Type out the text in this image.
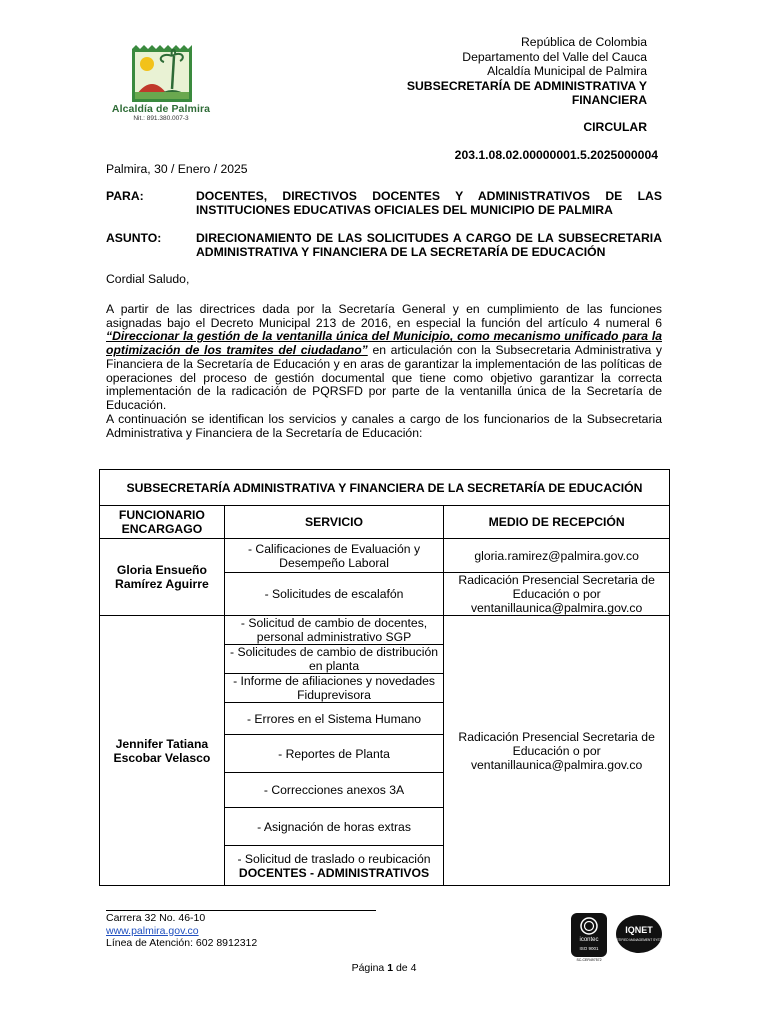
Alcaldía de Palmira
Nit.: 891.380.007-3
República de Colombia
Departamento del Valle del Cauca
Alcaldía Municipal de Palmira
SUBSECRETARÍA DE ADMINISTRATIVA Y
FINANCIERA
CIRCULAR
203.1.08.02.00000001.5.2025000004
Palmira, 30 / Enero / 2025
PARA:	DOCENTES, DIRECTIVOS DOCENTES Y ADMINISTRATIVOS DE LAS INSTITUCIONES EDUCATIVAS OFICIALES DEL MUNICIPIO DE PALMIRA
ASUNTO:	DIRECIONAMIENTO DE LAS SOLICITUDES A CARGO DE LA SUBSECRETARIA ADMINISTRATIVA Y FINANCIERA DE LA SECRETARÍA DE EDUCACIÓN
Cordial Saludo,
A partir de las directrices dada por la Secretaría General y en cumplimiento de las funciones asignadas bajo el Decreto Municipal 213 de 2016, en especial la función del artículo 4 numeral 6 “Direccionar la gestión de la ventanilla única del Municipio, como mecanismo unificado para la optimización de los tramites del ciudadano” en articulación con la Subsecretaria Administrativa y Financiera de la Secretaría de Educación y en aras de garantizar la implementación de las políticas de operaciones del proceso de gestión documental que tiene como objetivo garantizar la correcta implementación de la radicación de PQRSFD por parte de la ventanilla única de la Secretaría de Educación.
A continuación se identifican los servicios y canales a cargo de los funcionarios de la Subsecretaria Administrativa y Financiera de la Secretaría de Educación:
SUBSECRETARÍA ADMINISTRATIVA Y FINANCIERA DE LA SECRETARÍA DE EDUCACIÓN		
FUNCIONARIO ENCARGAGO	SERVICIO	MEDIO DE RECEPCIÓN
Gloria Ensueño Ramírez Aguirre	- Calificaciones de Evaluación y Desempeño Laboral	gloria.ramirez@palmira.gov.co
	- Solicitudes de escalafón	Radicación Presencial Secretaria de Educación o por ventanillaunica@palmira.gov.co
Jennifer Tatiana Escobar Velasco	- Solicitud de cambio de docentes, personal administrativo SGP	Radicación Presencial Secretaria de Educación o por ventanillaunica@palmira.gov.co
	- Solicitudes de cambio de distribución en planta	
	- Informe de afiliaciones y novedades Fiduprevisora	
	- Errores en el Sistema Humano	
	- Reportes de Planta	
	- Correcciones anexos 3A	
	- Asignación de horas extras	

	- Solicitud de traslado o reubicación
DOCENTES - ADMINISTRATIVOS	
Carrera 32 No. 46-10
www.palmira.gov.co
Línea de Atención: 602 8912312	icontec
ISO 9001
SC-CER497572
IQNET
CERTIFIED MANAGEMENT SYSTEM
Página 1 de 4
